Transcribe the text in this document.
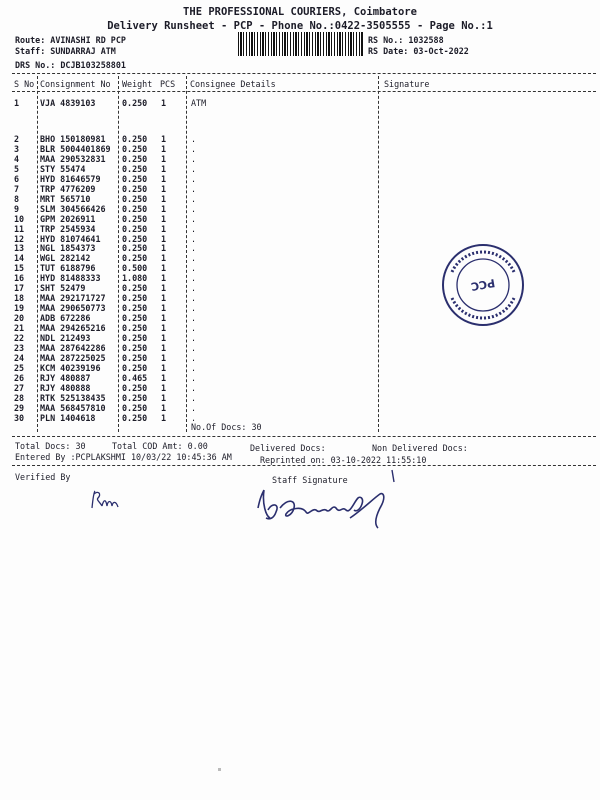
THE PROFESSIONAL COURIERS, Coimbatore
Delivery Runsheet - PCP - Phone No.:0422-3505555 - Page No.:1
Route: AVINASHI RD PCP
Staff: SUNDARRAJ ATM
DRS No.: DCJB103258801
RS No.: 1032588
RS Date: 03-Oct-2022
S No Consignment No Weight PCS Consignee Details	Signature
1 VJA 4839103	0.250 1	ATM
2 BHO 150180981 0.250 1	.
3 BLR 5004401869 0.250 1	.
4 MAA 290532831 0.250 1	.
5 STY 55474	0.250 1	.
6 HYD 81646579	0.250 1	.
7 TRP 4776209	0.250 1	.
8 MRT 565710	0.250 1	.
9 SLM 304566426 0.250 1	.
10 GPM 2026911	0.250 1	.
11 TRP 2545934	0.250 1	.
12 HYD 81074641	0.250 1	.
13 NGL 1854373	0.250 1	.
14 WGL 282142	0.250 1	.
15 TUT 6188796	0.500 1	.
16 HYD 81488333	1.080 1	.
17 SHT 52479	0.250 1	.
18 MAA 292171727 0.250 1	.
19 MAA 290650773 0.250 1	.
20 ADB 672286	0.250 1	.
21 MAA 294265216 0.250 1	.
22 NDL 212493	0.250 1	.
23 MAA 287642286 0.250 1	.
24 MAA 287225025 0.250 1	.
25 KCM 40239196	0.250 1	.
26 RJY 480887	0.465 1	.
27 RJY 480888	0.250 1	.
28 RTK 525138435 0.250 1	.
29 MAA 568457810 0.250 1	.
30 PLN 1404618	0.250 1	.
No.Of Docs: 30
Total Docs: 30	Total COD Amt: 0.00	Delivered Docs:	Non Delivered Docs:
Entered By :PCPLAKSHMI 10/03/22 10:45:36 AM	Reprinted on: 03-10-2022 11:55:10
Verified By	Staff Signature
PCC
